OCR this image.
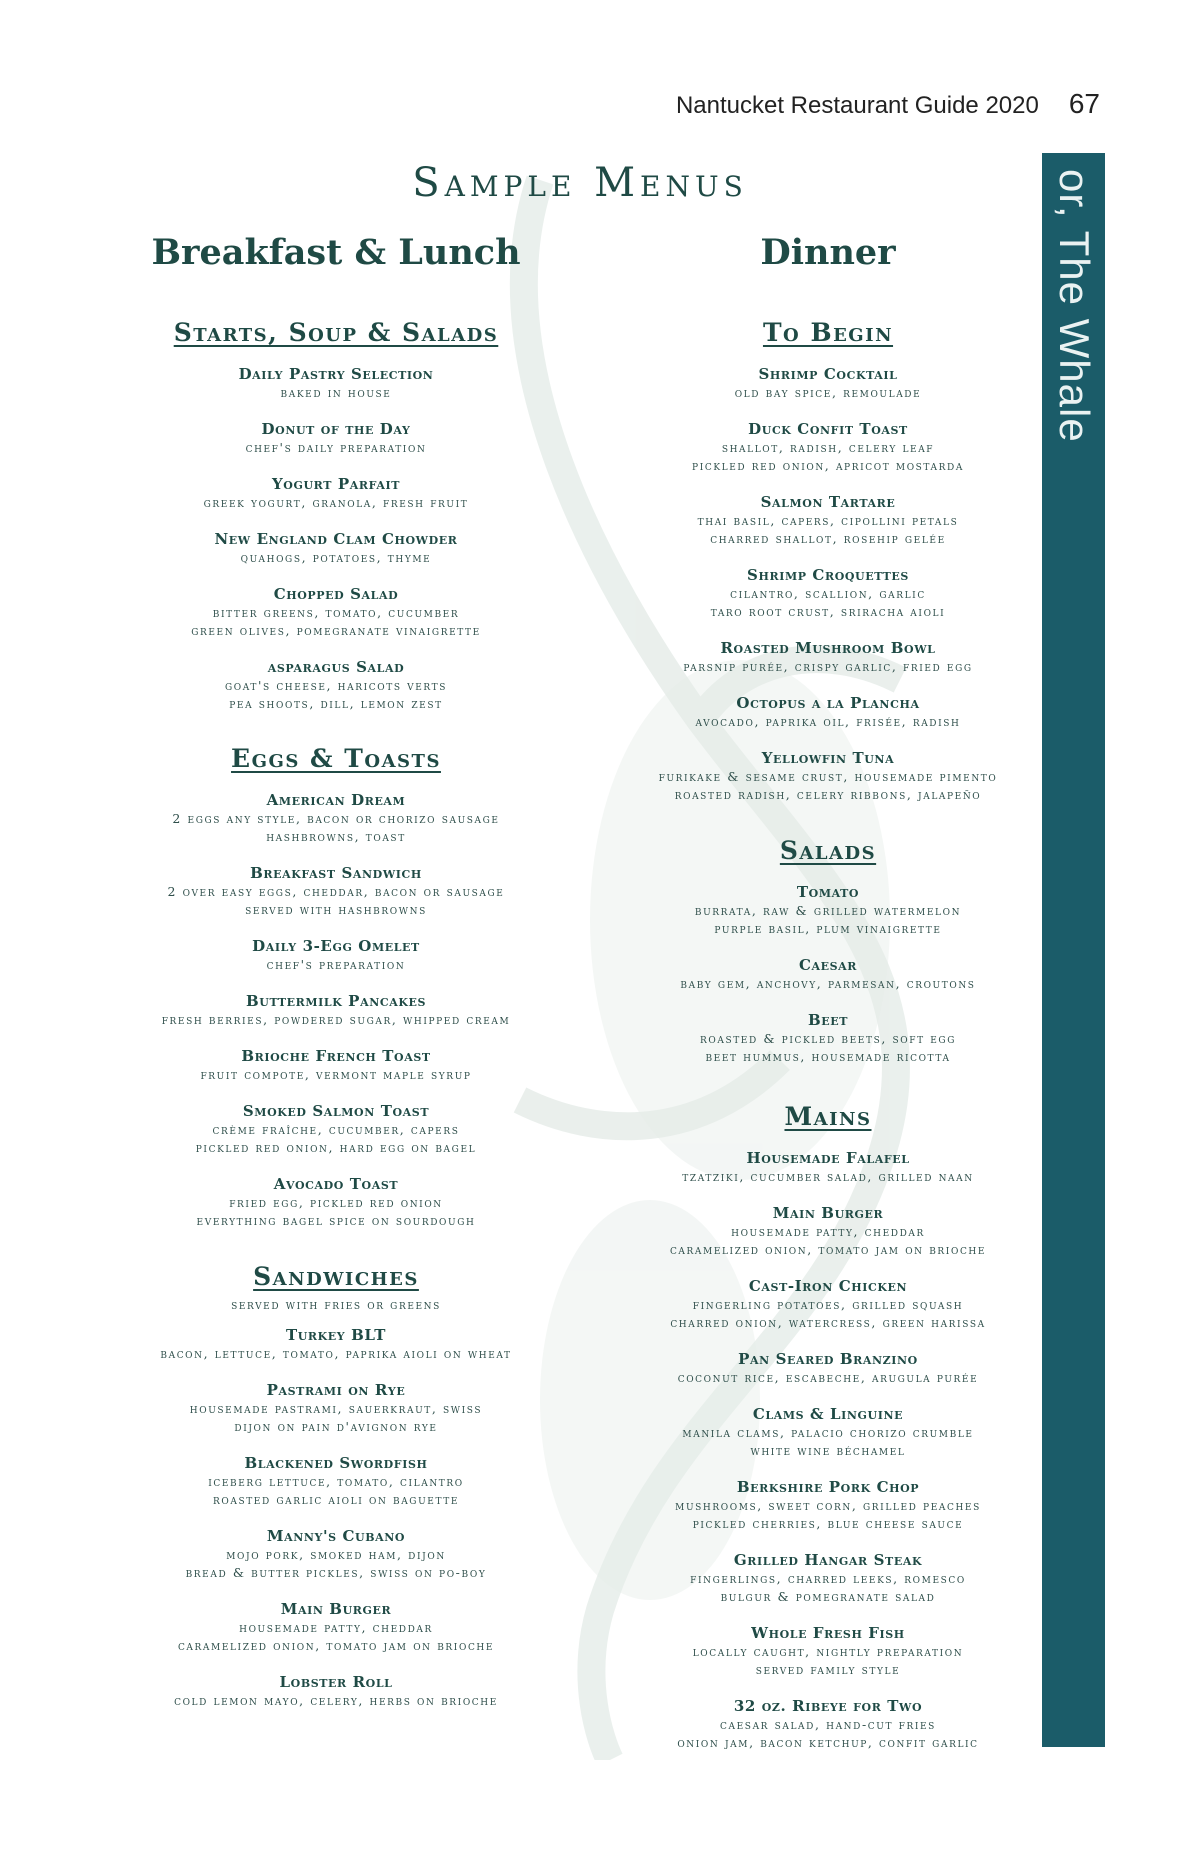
Nantucket Restaurant Guide 2020 67
or, The Whale
Sample Menus
Breakfast & Lunch	Dinner
Starts, Soup & Salads
Daily Pastry Selection
baked in house
Donut of the Day
chef's daily preparation
Yogurt Parfait
greek yogurt, granola, fresh fruit
New England Clam Chowder
quahogs, potatoes, thyme
Chopped Salad
bitter greens, tomato, cucumber
green olives, pomegranate vinaigrette
asparagus Salad
goat's cheese, haricots verts
pea shoots, dill, lemon zest
Eggs & Toasts
American Dream
2 eggs any style, bacon or chorizo sausage
hashbrowns, toast
Breakfast Sandwich
2 over easy eggs, cheddar, bacon or sausage
served with hashbrowns
Daily 3-Egg Omelet
chef's preparation
Buttermilk Pancakes
fresh berries, powdered sugar, whipped cream
Brioche French Toast
fruit compote, vermont maple syrup
Smoked Salmon Toast
crème fraîche, cucumber, capers
pickled red onion, hard egg on bagel
Avocado Toast
fried egg, pickled red onion
everything bagel spice on sourdough
Sandwiches
served with fries or greens
Turkey BLT
bacon, lettuce, tomato, paprika aioli on wheat
Pastrami on Rye
housemade pastrami, sauerkraut, swiss
dijon on pain d'avignon rye
Blackened Swordfish
iceberg lettuce, tomato, cilantro
roasted garlic aioli on baguette
Manny's Cubano
mojo pork, smoked ham, dijon
bread & butter pickles, swiss on po-boy
Main Burger
housemade patty, cheddar
caramelized onion, tomato jam on brioche
Lobster Roll
cold lemon mayo, celery, herbs on brioche
To Begin
Shrimp Cocktail
old bay spice, remoulade
Duck Confit Toast
shallot, radish, celery leaf
pickled red onion, apricot mostarda
Salmon Tartare
thai basil, capers, cipollini petals
charred shallot, rosehip gelée
Shrimp Croquettes
cilantro, scallion, garlic
taro root crust, sriracha aioli
Roasted Mushroom Bowl
parsnip purée, crispy garlic, fried egg
Octopus a la Plancha
avocado, paprika oil, frisée, radish
Yellowfin Tuna
furikake & sesame crust, housemade pimento
roasted radish, celery ribbons, jalapeño
Salads
Tomato
burrata, raw & grilled watermelon
purple basil, plum vinaigrette
Caesar
baby gem, anchovy, parmesan, croutons
Beet
roasted & pickled beets, soft egg
beet hummus, housemade ricotta
Mains
Housemade Falafel
tzatziki, cucumber salad, grilled naan
Main Burger
housemade patty, cheddar
caramelized onion, tomato jam on brioche
Cast-Iron Chicken
fingerling potatoes, grilled squash
charred onion, watercress, green harissa
Pan Seared Branzino
coconut rice, escabeche, arugula purée
Clams & Linguine
manila clams, palacio chorizo crumble
white wine béchamel
Berkshire Pork Chop
mushrooms, sweet corn, grilled peaches
pickled cherries, blue cheese sauce
Grilled Hangar Steak
fingerlings, charred leeks, romesco
bulgur & pomegranate salad
Whole Fresh Fish
locally caught, nightly preparation
served family style
32 oz. Ribeye for Two
caesar salad, hand-cut fries
onion jam, bacon ketchup, confit garlic
